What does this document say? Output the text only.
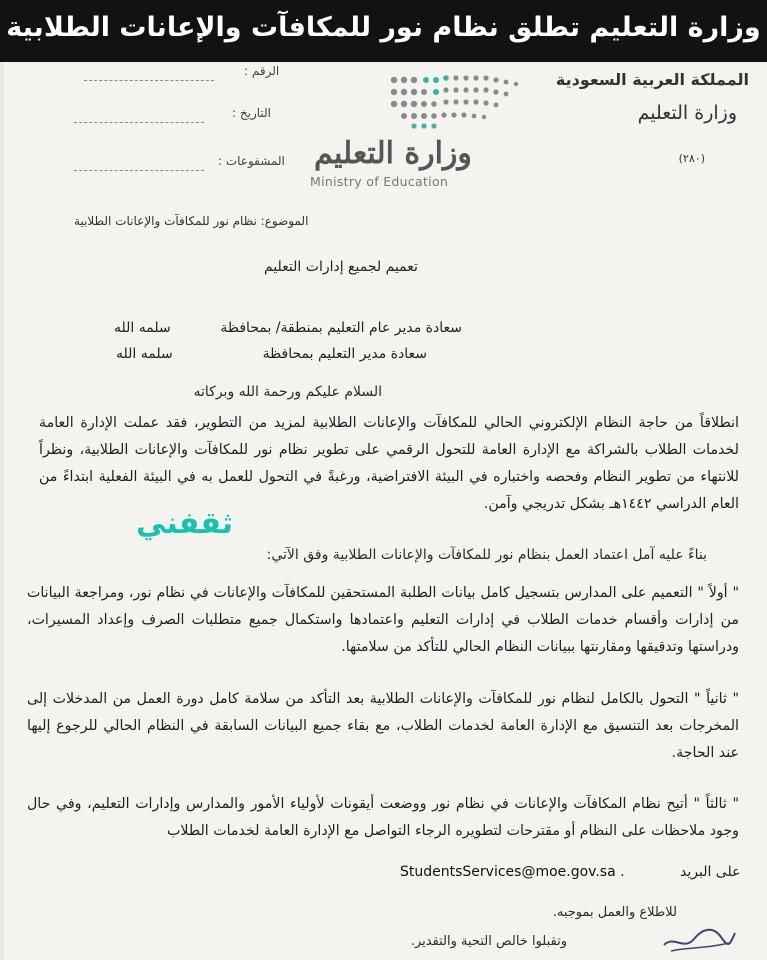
وزارة التعليم تطلق نظام نور للمكافآت والإعانات الطلابية
المملكة العربية السعودية
وزارة التعليم
(٢٨٠)
الرقم :
التاريخ :
المشفوعات : وزارة التعليم
Ministry of Education
الموضوع: نظام نور للمكافآت والإعانات الطلابية
تعميم لجميع إدارات التعليم
سعادة مدير عام التعليم بمنطقة/ بمحافظة
سلمه الله
سعادة مدير التعليم بمحافظة
سلمه الله
السلام عليكم ورحمة الله وبركاته
انطلاقاً من حاجة النظام الإلكتروني الحالي للمكافآت والإعانات الطلابية لمزيد من التطوير، فقد عملت الإدارة العامة لخدمات الطلاب بالشراكة مع الإدارة العامة للتحول الرقمي على تطوير نظام نور للمكافآت والإعانات الطلابية، ونظراً للانتهاء من تطوير النظام وفحصه واختباره في البيئة الافتراضية، ورغبةً في التحول للعمل به في البيئة الفعلية ابتداءً من العام الدراسي ١٤٤٢هـ بشكل تدريجي وآمن.
بناءً عليه آمل اعتماد العمل بنظام نور للمكافآت والإعانات الطلابية وفق الآتي:
" أولاً " التعميم على المدارس بتسجيل كامل بيانات الطلبة المستحقين للمكافآت والإعانات في نظام نور، ومراجعة البيانات من إدارات وأقسام خدمات الطلاب في إدارات التعليم واعتمادها واستكمال جميع متطلبات الصرف وإعداد المسيرات، ودراستها وتدقيقها ومقارنتها ببيانات النظام الحالي للتأكد من سلامتها.
" ثانياً " التحول بالكامل لنظام نور للمكافآت والإعانات الطلابية بعد التأكد من سلامة كامل دورة العمل من المدخلات إلى المخرجات بعد التنسيق مع الإدارة العامة لخدمات الطلاب، مع بقاء جميع البيانات السابقة في النظام الحالي للرجوع إليها عند الحاجة.
" ثالثاً " أتيح نظام المكافآت والإعانات في نظام نور ووضعت أيقونات لأولياء الأمور والمدارس وإدارات التعليم، وفي حال وجود ملاحظات على النظام أو مقترحات لتطويره الرجاء التواصل مع الإدارة العامة لخدمات الطلاب
على البريد
StudentsServices@moe.gov.sa .
للاطلاع والعمل بموجبه.
وتقبلوا خالص التحية والتقدير.
ثقفني
